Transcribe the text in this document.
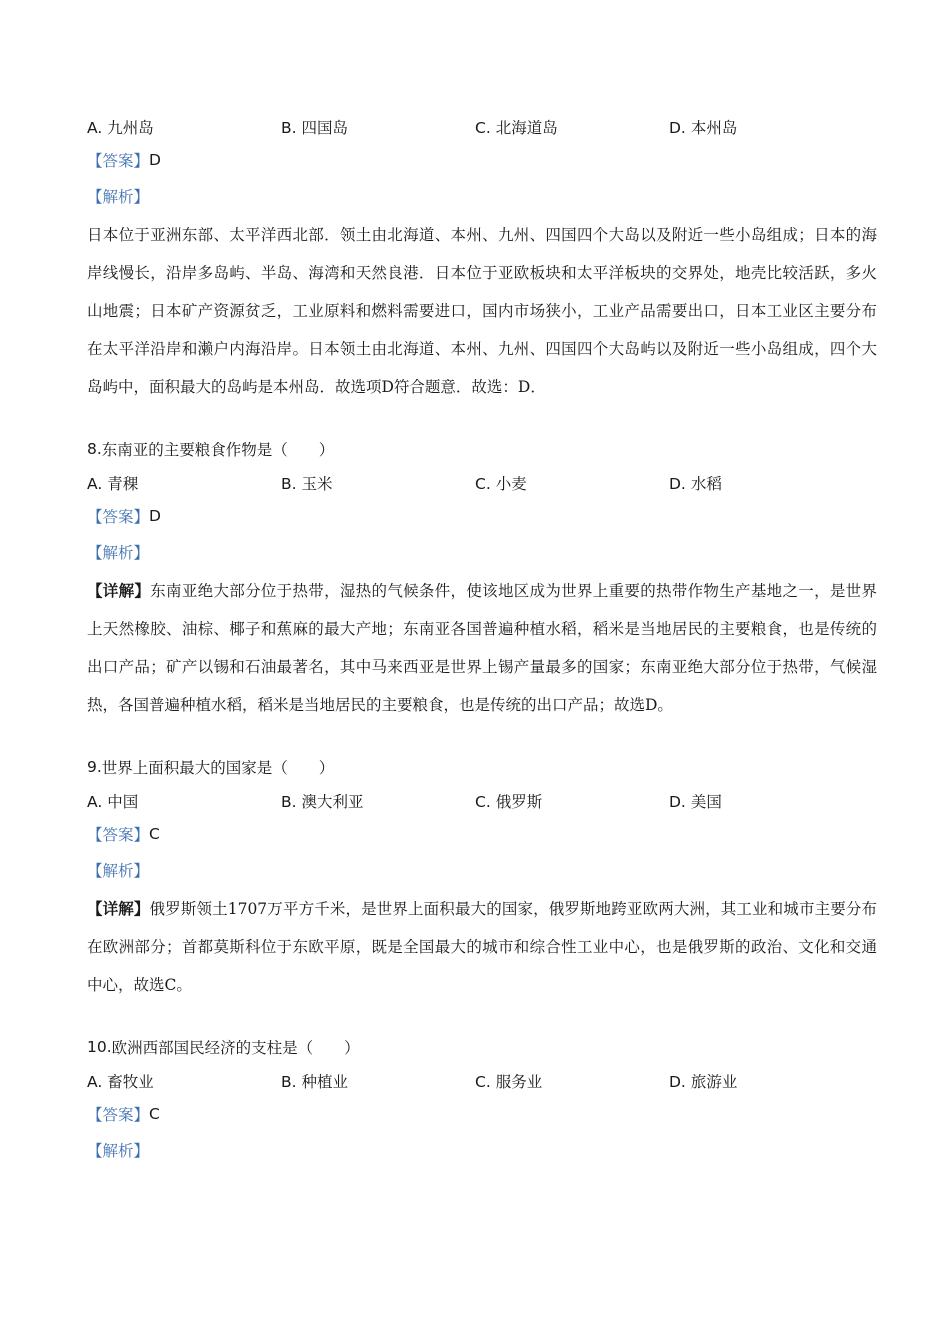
A. 九州岛	B. 四国岛	C. 北海道岛	D. 本州岛
【答案】 D
【解析】
日本位于亚洲东部、太平洋西北部．领土由北海道、本州、九州、四国四个大岛以及附近一些小岛组成；日本的海岸线慢长，沿岸多岛屿、半岛、海湾和天然良港．日本位于亚欧板块和太平洋板块的交界处，地壳比较活跃，多火山地震；日本矿产资源贫乏，工业原料和燃料需要进口，国内市场狭小，工业产品需要出口，日本工业区主要分布在太平洋沿岸和濑户内海沿岸。日本领土由北海道、本州、九州、四国四个大岛屿以及附近一些小岛组成，四个大岛屿中，面积最大的岛屿是本州岛．故选项D符合题意．故选：D．
8. 东南亚的主要粮食作物是（　　）
A. 青稞	B. 玉米	C. 小麦	D. 水稻
【答案】 D
【解析】
【详解】东南亚绝大部分位于热带，湿热的气候条件，使该地区成为世界上重要的热带作物生产基地之一，是世界上天然橡胶、油棕、椰子和蕉麻的最大产地；东南亚各国普遍种植水稻，稻米是当地居民的主要粮食，也是传统的出口产品；矿产以锡和石油最著名，其中马来西亚是世界上锡产量最多的国家；东南亚绝大部分位于热带，气候湿热，各国普遍种植水稻，稻米是当地居民的主要粮食，也是传统的出口产品；故选D。
9. 世界上面积最大的国家是（　　）
A. 中国	B. 澳大利亚	C. 俄罗斯	D. 美国
【答案】 C
【解析】
【详解】俄罗斯领土1707万平方千米，是世界上面积最大的国家，俄罗斯地跨亚欧两大洲，其工业和城市主要分布在欧洲部分；首都莫斯科位于东欧平原，既是全国最大的城市和综合性工业中心，也是俄罗斯的政治、文化和交通中心，故选C。
10. 欧洲西部国民经济的支柱是（　　）
A. 畜牧业	B. 种植业	C. 服务业	D. 旅游业
【答案】 C
【解析】
